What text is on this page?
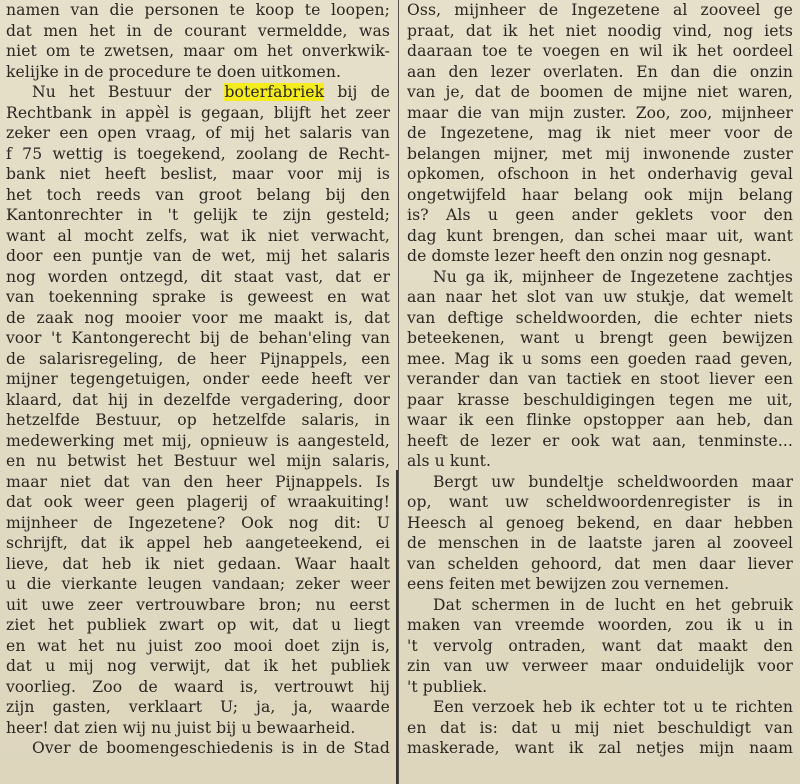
namen van die personen te koop te loopen;
dat men het in de courant vermeldde, was
niet om te zwetsen, maar om het onverkwik-
kelijke in de procedure te doen uitkomen.
Nu het Bestuur der boterfabriek bij de
Rechtbank in appèl is gegaan, blijft het zeer
zeker een open vraag, of mij het salaris van
f 75 wettig is toegekend, zoolang de Recht-
bank niet heeft beslist, maar voor mij is
het toch reeds van groot belang bij den
Kantonrechter in 't gelijk te zijn gesteld;
want al mocht zelfs, wat ik niet verwacht,
door een puntje van de wet, mij het salaris
nog worden ontzegd, dit staat vast, dat er
van toekenning sprake is geweest en wat
de zaak nog mooier voor me maakt is, dat
voor 't Kantongerecht bij de behan'eling van
de salarisregeling, de heer Pijnappels, een
mijner tegengetuigen, onder eede heeft ver
klaard, dat hij in dezelfde vergadering, door
hetzelfde Bestuur, op hetzelfde salaris, in
medewerking met mij, opnieuw is aangesteld,
en nu betwist het Bestuur wel mijn salaris,
maar niet dat van den heer Pijnappels. Is
dat ook weer geen plagerij of wraakuiting!
mijnheer de Ingezetene? Ook nog dit: U
schrijft, dat ik appel heb aangeteekend, ei
lieve, dat heb ik niet gedaan. Waar haalt
u die vierkante leugen vandaan; zeker weer
uit uwe zeer vertrouwbare bron; nu eerst
ziet het publiek zwart op wit, dat u liegt
en wat het nu juist zoo mooi doet zijn is,
dat u mij nog verwijt, dat ik het publiek
voorlieg. Zoo de waard is, vertrouwt hij
zijn gasten, verklaart U; ja, ja, waarde
heer! dat zien wij nu juist bij u bewaarheid.
Over de boomengeschiedenis is in de Stad
Oss, mijnheer de Ingezetene al zooveel ge
praat, dat ik het niet noodig vind, nog iets
daaraan toe te voegen en wil ik het oordeel
aan den lezer overlaten. En dan die onzin
van je, dat de boomen de mijne niet waren,
maar die van mijn zuster. Zoo, zoo, mijnheer
de Ingezetene, mag ik niet meer voor de
belangen mijner, met mij inwonende zuster
opkomen, ofschoon in het onderhavig geval
ongetwijfeld haar belang ook mijn belang
is? Als u geen ander geklets voor den
dag kunt brengen, dan schei maar uit, want
de domste lezer heeft den onzin nog gesnapt.
Nu ga ik, mijnheer de Ingezetene zachtjes
aan naar het slot van uw stukje, dat wemelt
van deftige scheldwoorden, die echter niets
beteekenen, want u brengt geen bewijzen
mee. Mag ik u soms een goeden raad geven,
verander dan van tactiek en stoot liever een
paar krasse beschuldigingen tegen me uit,
waar ik een flinke opstopper aan heb, dan
heeft de lezer er ook wat aan, tenminste...
als u kunt.
Bergt uw bundeltje scheldwoorden maar
op, want uw scheldwoordenregister is in
Heesch al genoeg bekend, en daar hebben
de menschen in de laatste jaren al zooveel
van schelden gehoord, dat men daar liever
eens feiten met bewijzen zou vernemen.
Dat schermen in de lucht en het gebruik
maken van vreemde woorden, zou ik u in
't vervolg ontraden, want dat maakt den
zin van uw verweer maar onduidelijk voor
't publiek.
Een verzoek heb ik echter tot u te richten
en dat is: dat u mij niet beschuldigt van
maskerade, want ik zal netjes mijn naam
